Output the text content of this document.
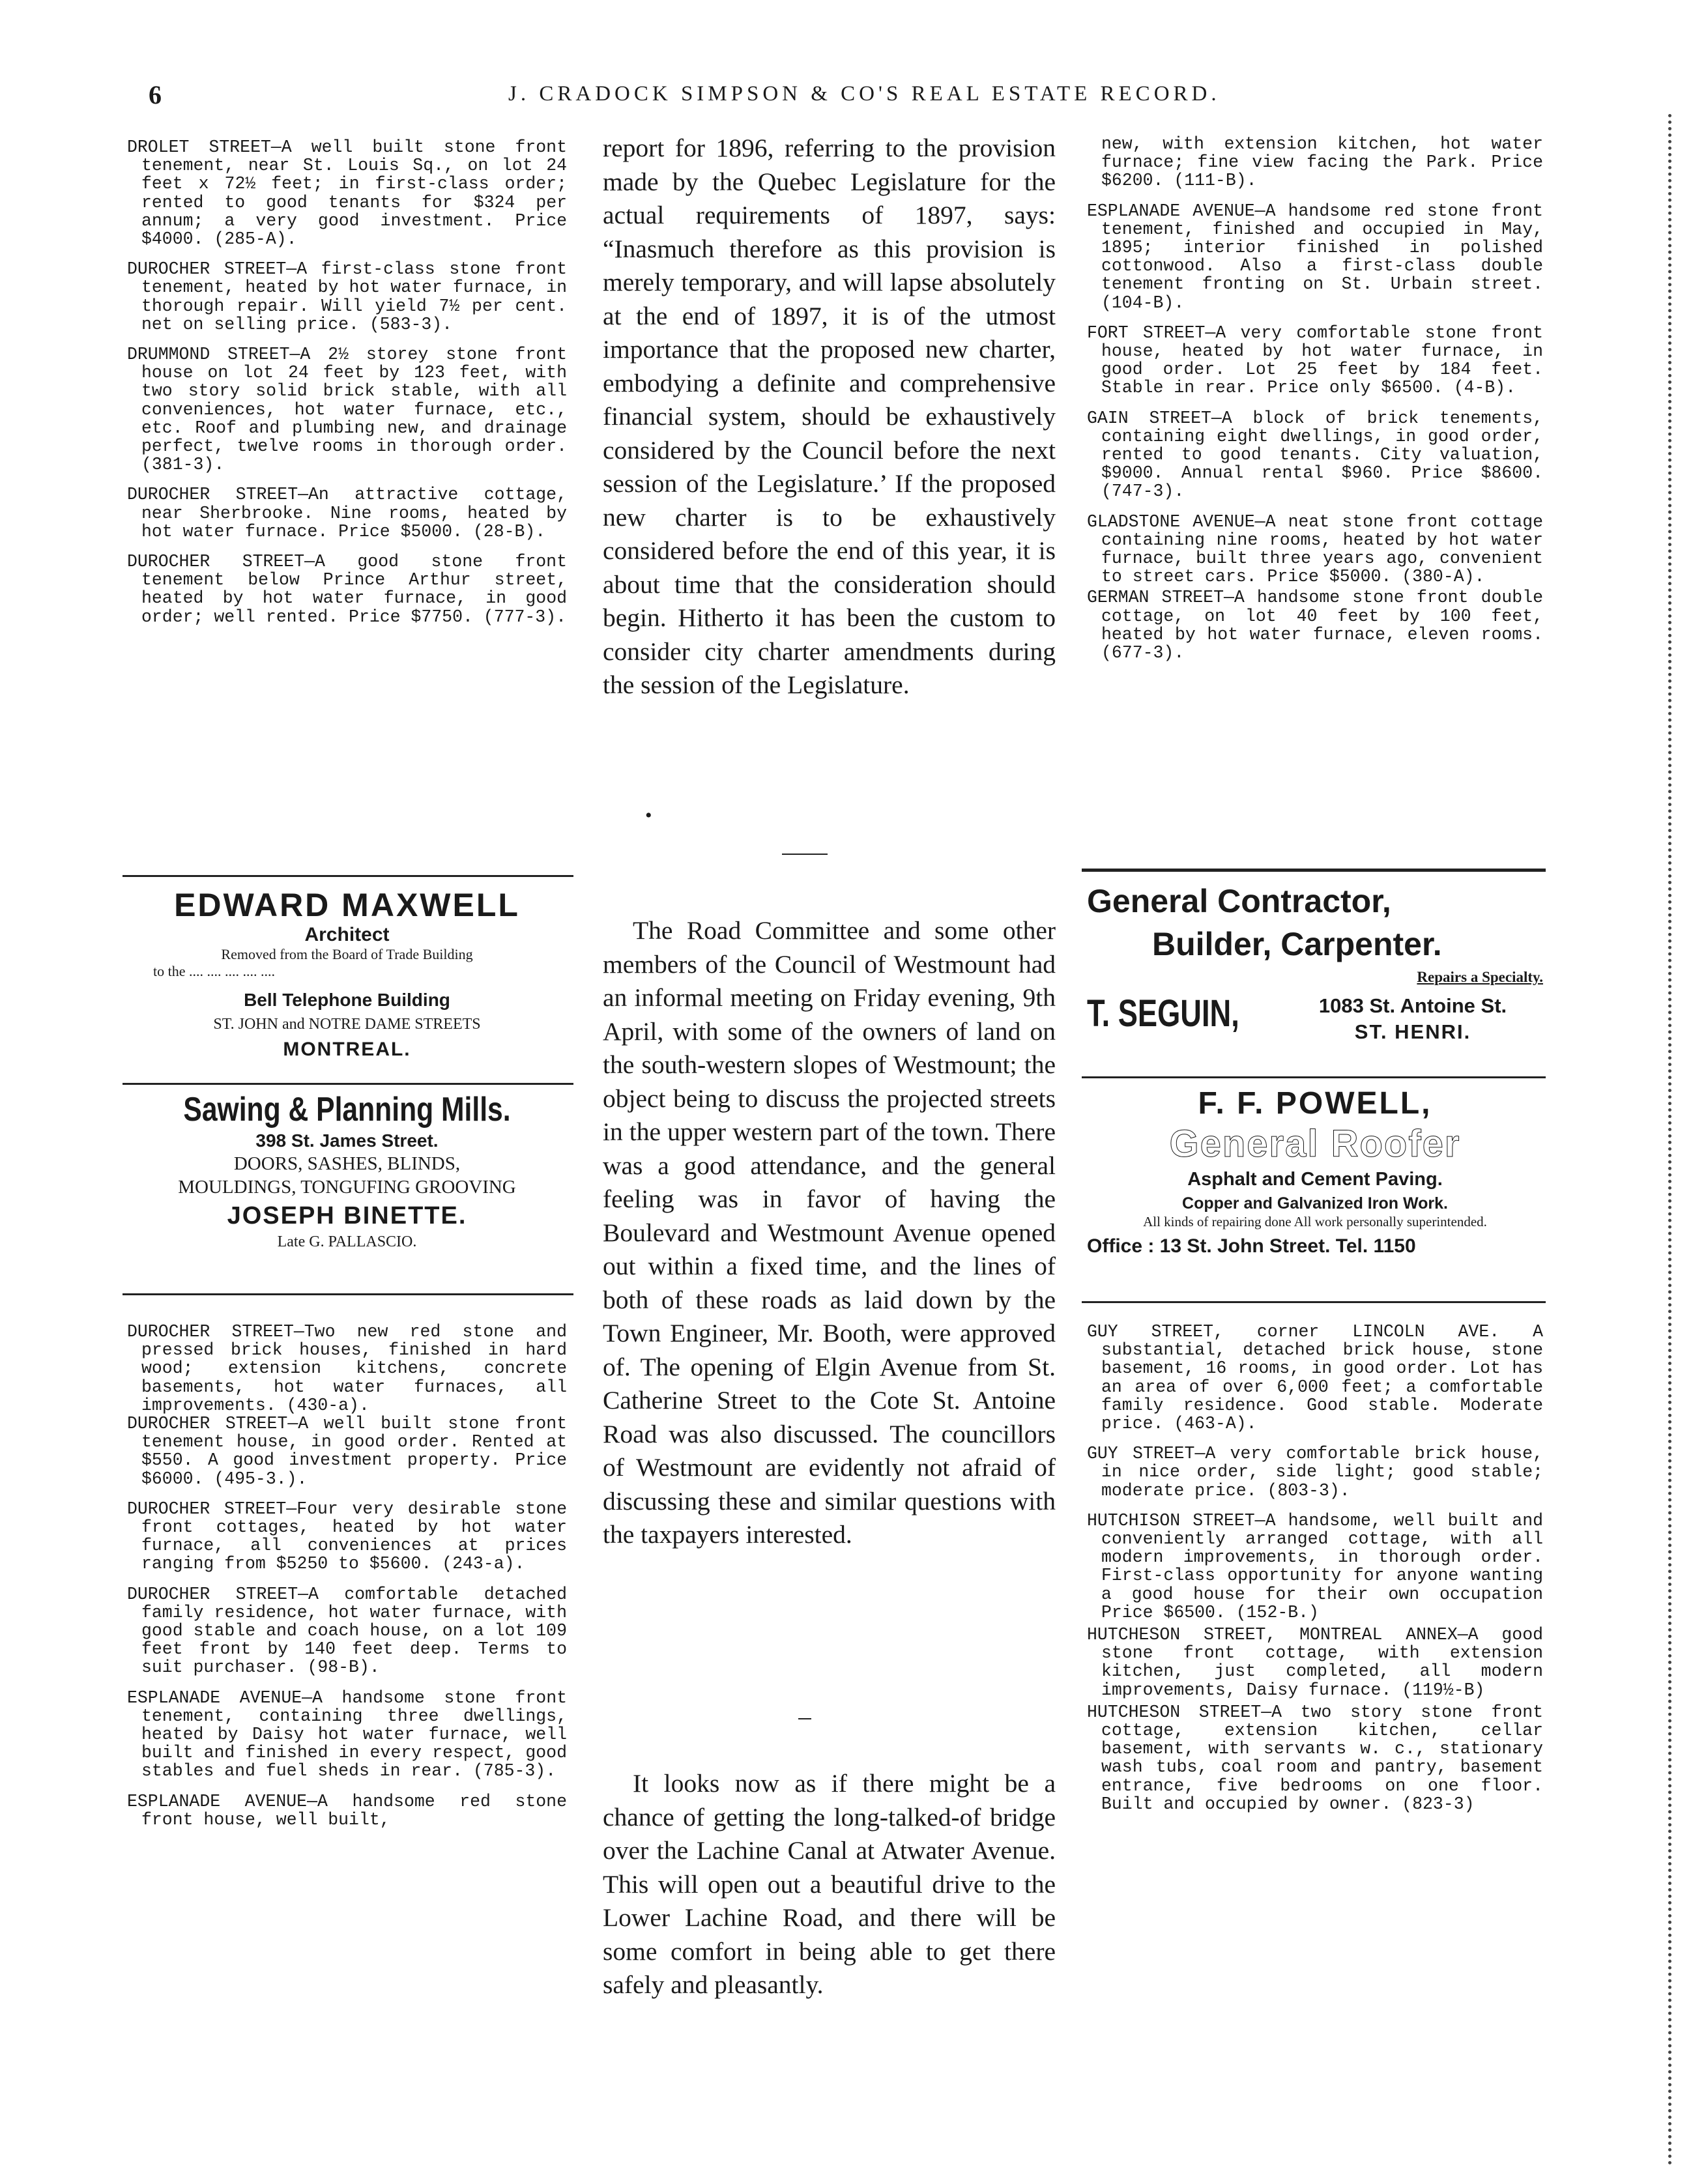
6	J. CRADOCK SIMPSON & CO'S REAL ESTATE RECORD.

DROLET STREET—A well built stone front tenement, near St. Louis Sq., on lot 24 feet x 72½ feet; in first-class order; rented to good tenants for $324 per annum; a very good investment. Price $4000. (285-A).

DUROCHER STREET—A first-class stone front tenement, heated by hot water furnace, in thorough repair. Will yield 7½ per cent. net on selling price. (583-3).

DRUMMOND STREET—A 2½ storey stone front house on lot 24 feet by 123 feet, with two story solid brick stable, with all conveniences, hot water furnace, etc., etc. Roof and plumbing new, and drainage perfect, twelve rooms in thorough order. (381-3).

DUROCHER STREET—An attractive cottage, near Sherbrooke. Nine rooms, heated by hot water furnace. Price $5000. (28-B).

DUROCHER STREET—A good stone front tenement below Prince Arthur street, heated by hot water furnace, in good order; well rented. Price $7750. (777-3).

EDWARD MAXWELL
Architect
Removed from the Board of Trade Building
to the .... .... .... .... ....
Bell Telephone Building
ST. JOHN and NOTRE DAME STREETS
MONTREAL.
Sawing & Planning Mills.
398 St. James Street.
DOORS, SASHES, BLINDS,
MOULDINGS, TONGUFING GROOVING
JOSEPH BINETTE.
Late G. PALLASCIO.

DUROCHER STREET—Two new red stone and pressed brick houses, finished in hard wood; extension kitchens, concrete basements, hot water furnaces, all improvements. (430-a).

DUROCHER STREET—A well built stone front tenement house, in good order. Rented at $550. A good investment property. Price $6000. (495-3.).

DUROCHER STREET—Four very desirable stone front cottages, heated by hot water furnace, all conveniences at prices ranging from $5250 to $5600. (243-a).

DUROCHER STREET—A comfortable detached family residence, hot water furnace, with good stable and coach house, on a lot 109 feet front by 140 feet deep. Terms to suit purchaser. (98-B).

ESPLANADE AVENUE—A handsome stone front tenement, containing three dwellings, heated by Daisy hot water furnace, well built and finished in every respect, good stables and fuel sheds in rear. (785-3).

ESPLANADE AVENUE—A handsome red stone front house, well built,

report for 1896, referring to the provision made by the Quebec Legislature for the actual requirements of 1897, says: “Inasmuch therefore as this provision is merely temporary, and will lapse absolutely at the end of 1897, it is of the utmost importance that the proposed new charter, embodying a definite and comprehensive financial system, should be exhaustively considered by the Council before the next session of the Legislature.’ If the proposed new charter is to be exhaustively considered before the end of this year, it is about time that the consideration should begin. Hitherto it has been the custom to consider city charter amendments during the session of the Legislature.

•

The Road Committee and some other members of the Council of Westmount had an informal meeting on Friday evening, 9th April, with some of the owners of land on the south-western slopes of Westmount; the object being to discuss the projected streets in the upper western part of the town. There was a good attendance, and the general feeling was in favor of having the Boulevard and Westmount Avenue opened out within a fixed time, and the lines of both of these roads as laid down by the Town Engineer, Mr. Booth, were approved of. The opening of Elgin Avenue from St. Catherine Street to the Cote St. Antoine Road was also discussed. The councillors of Westmount are evidently not afraid of discussing these and similar questions with the taxpayers interested.

It looks now as if there might be a chance of getting the long-talked-of bridge over the Lachine Canal at Atwater Avenue. This will open out a beautiful drive to the Lower Lachine Road, and there will be some comfort in being able to get there safely and pleasantly.

new, with extension kitchen, hot water furnace; fine view facing the Park. Price $6200. (111-B).

ESPLANADE AVENUE—A handsome red stone front tenement, finished and occupied in May, 1895; interior finished in polished cottonwood. Also a first-class double tenement fronting on St. Urbain street. (104-B).

FORT STREET—A very comfortable stone front house, heated by hot water furnace, in good order. Lot 25 feet by 184 feet. Stable in rear. Price only $6500. (4-B).

GAIN STREET—A block of brick tenements, containing eight dwellings, in good order, rented to good tenants. City valuation, $9000. Annual rental $960. Price $8600. (747-3).

GLADSTONE AVENUE—A neat stone front cottage containing nine rooms, heated by hot water furnace, built three years ago, convenient to street cars. Price $5000. (380-A).

GERMAN STREET—A handsome stone front double cottage, on lot 40 feet by 100 feet, heated by hot water furnace, eleven rooms. (677-3).

General Contractor,
Builder, Carpenter.
Repairs a Specialty.
T. SEGUIN,	1083 St. Antoine St.
ST. HENRI.
F. F. POWELL,
General Roofer
Asphalt and Cement Paving.
Copper and Galvanized Iron Work.
All kinds of repairing done All work personally superintended.
Office : 13 St. John Street. Tel. 1150

GUY STREET, corner LINCOLN AVE. A substantial, detached brick house, stone basement, 16 rooms, in good order. Lot has an area of over 6,000 feet; a comfortable family residence. Good stable. Moderate price. (463-A).

GUY STREET—A very comfortable brick house, in nice order, side light; good stable; moderate price. (803-3).

HUTCHISON STREET—A handsome, well built and conveniently arranged cottage, with all modern improvements, in thorough order. First-class opportunity for anyone wanting a good house for their own occupation Price $6500. (152-B.)

HUTCHESON STREET, MONTREAL ANNEX—A good stone front cottage, with extension kitchen, just completed, all modern improvements, Daisy furnace. (119½-B)

HUTCHESON STREET—A two story stone front cottage, extension kitchen, cellar basement, with servants w. c., stationary wash tubs, coal room and pantry, basement entrance, five bedrooms on one floor. Built and occupied by owner. (823-3)
